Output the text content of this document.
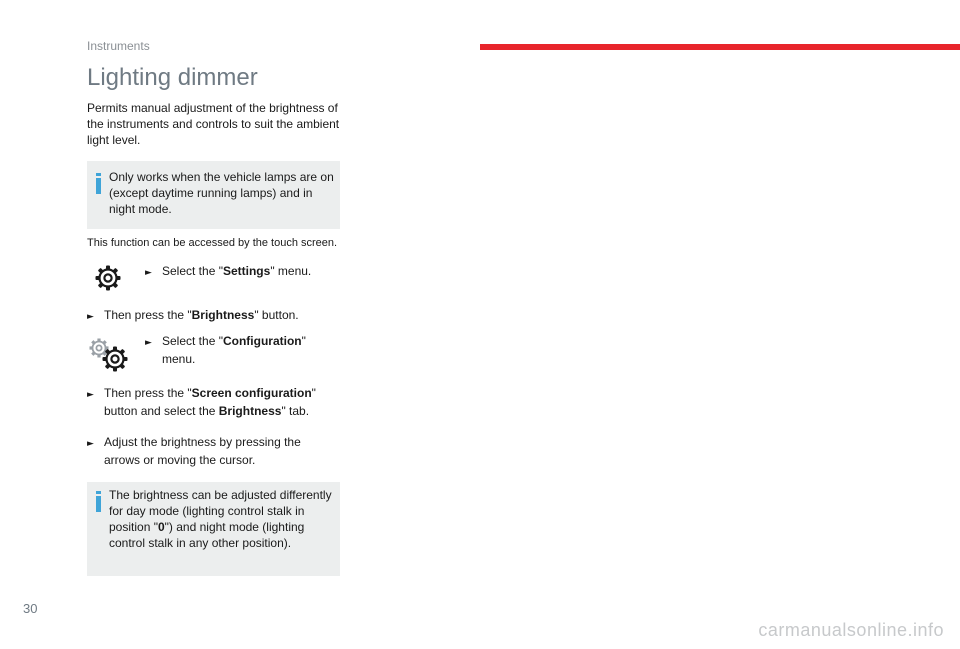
Instruments
Lighting dimmer

Permits manual adjustment of the brightness of the instruments and controls to suit the ambient light level.

Only works when the vehicle lamps are on (except daytime running lamps) and in night mode.

This function can be accessed by the touch screen.

► Select the "Settings" menu.

► Then press the "Brightness" button.

► Select the "Configuration"
menu.

► Then press the "Screen configuration"
button and select the Brightness" tab.

► Adjust the brightness by pressing the
arrows or moving the cursor.

The brightness can be adjusted differently
for day mode (lighting control stalk in
position "0") and night mode (lighting
control stalk in any other position).

30
carmanualsonline.info
